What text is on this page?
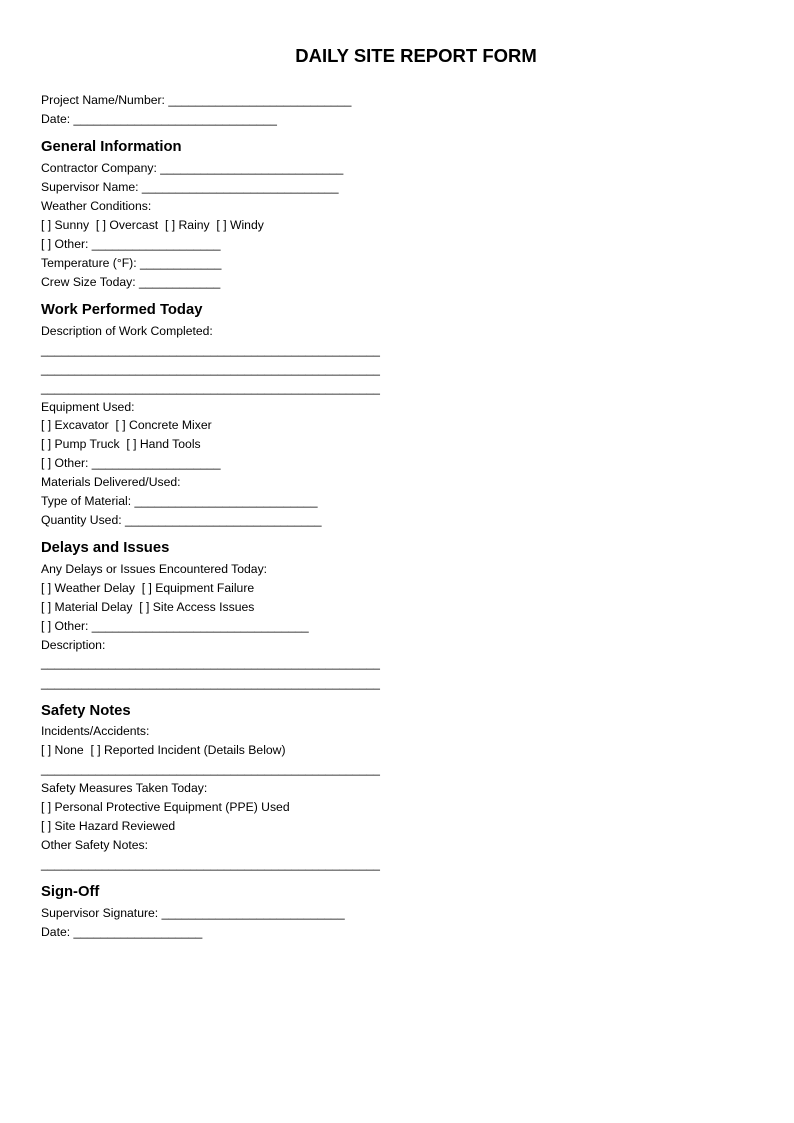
DAILY SITE REPORT FORM

Project Name/Number: ___________________________

Date: ______________________________

General Information

Contractor Company: ___________________________

Supervisor Name: _____________________________

Weather Conditions:

[ ] Sunny  [ ] Overcast  [ ] Rainy  [ ] Windy

[ ] Other: ___________________

Temperature (°F): ____________

Crew Size Today: ____________

Work Performed Today

Description of Work Completed:

__________________________________________________

__________________________________________________

__________________________________________________

Equipment Used:

[ ] Excavator  [ ] Concrete Mixer

[ ] Pump Truck  [ ] Hand Tools

[ ] Other: ___________________

Materials Delivered/Used:

Type of Material: ___________________________

Quantity Used: _____________________________

Delays and Issues

Any Delays or Issues Encountered Today:

[ ] Weather Delay  [ ] Equipment Failure

[ ] Material Delay  [ ] Site Access Issues

[ ] Other: ________________________________

Description:

__________________________________________________

__________________________________________________

Safety Notes

Incidents/Accidents:

[ ] None  [ ] Reported Incident (Details Below)

__________________________________________________

Safety Measures Taken Today:

[ ] Personal Protective Equipment (PPE) Used

[ ] Site Hazard Reviewed

Other Safety Notes:

__________________________________________________

Sign-Off

Supervisor Signature: ___________________________

Date: ___________________
